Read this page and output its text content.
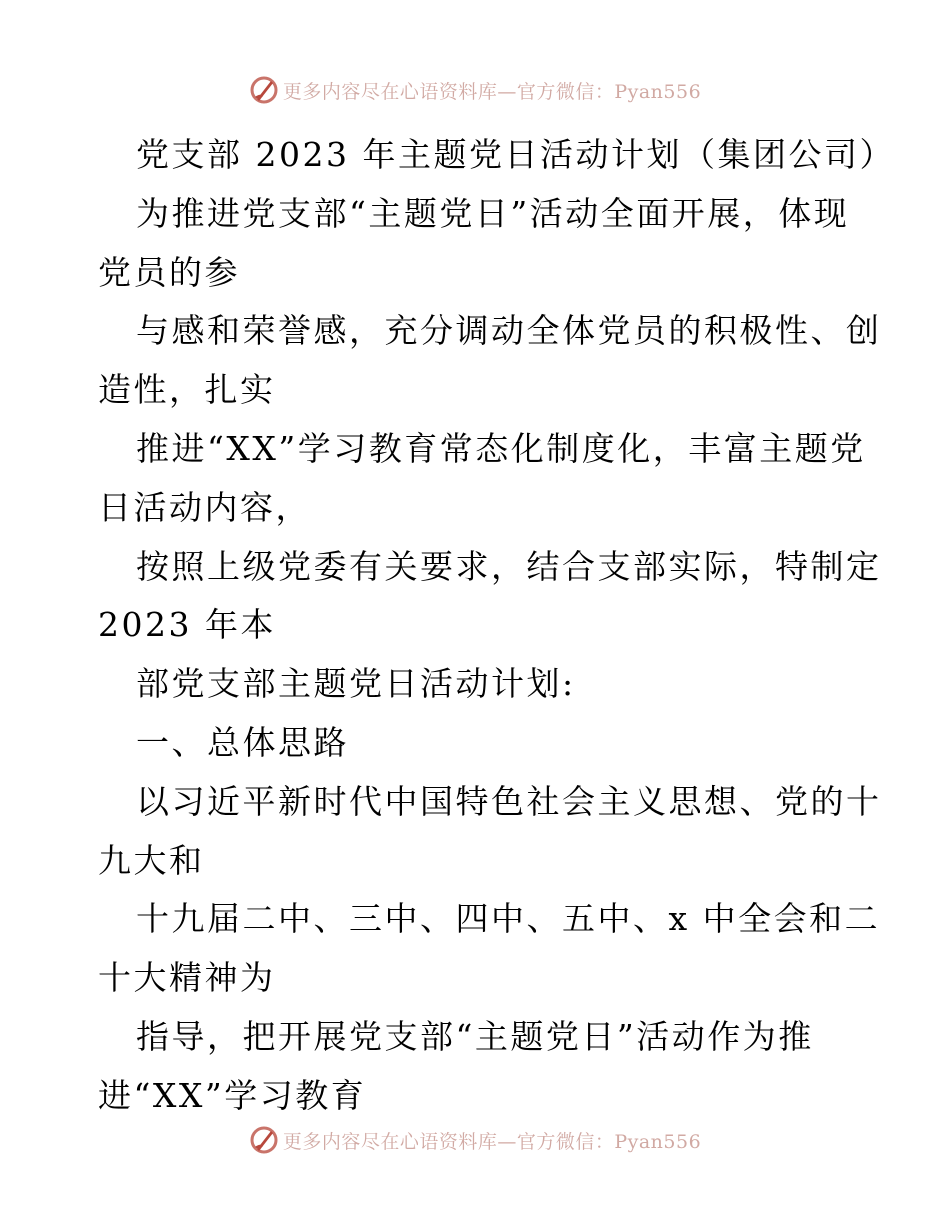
更多内容尽在心语资料库—官方微信：Pyan556
党支部 2023 年主题党日活动计划（集团公司）
为推进党支部“主题党日”活动全面开展，体现
党员的参
与感和荣誉感，充分调动全体党员的积极性、创
造性，扎实
推进“XX”学习教育常态化制度化，丰富主题党
日活动内容，
按照上级党委有关要求，结合支部实际，特制定
2023 年本
部党支部主题党日活动计划:
一、总体思路
以习近平新时代中国特色社会主义思想、党的十
九大和
十九届二中、三中、四中、五中、x 中全会和二
十大精神为
指导，把开展党支部“主题党日”活动作为推
进“XX”学习教育
更多内容尽在心语资料库—官方微信：Pyan556
